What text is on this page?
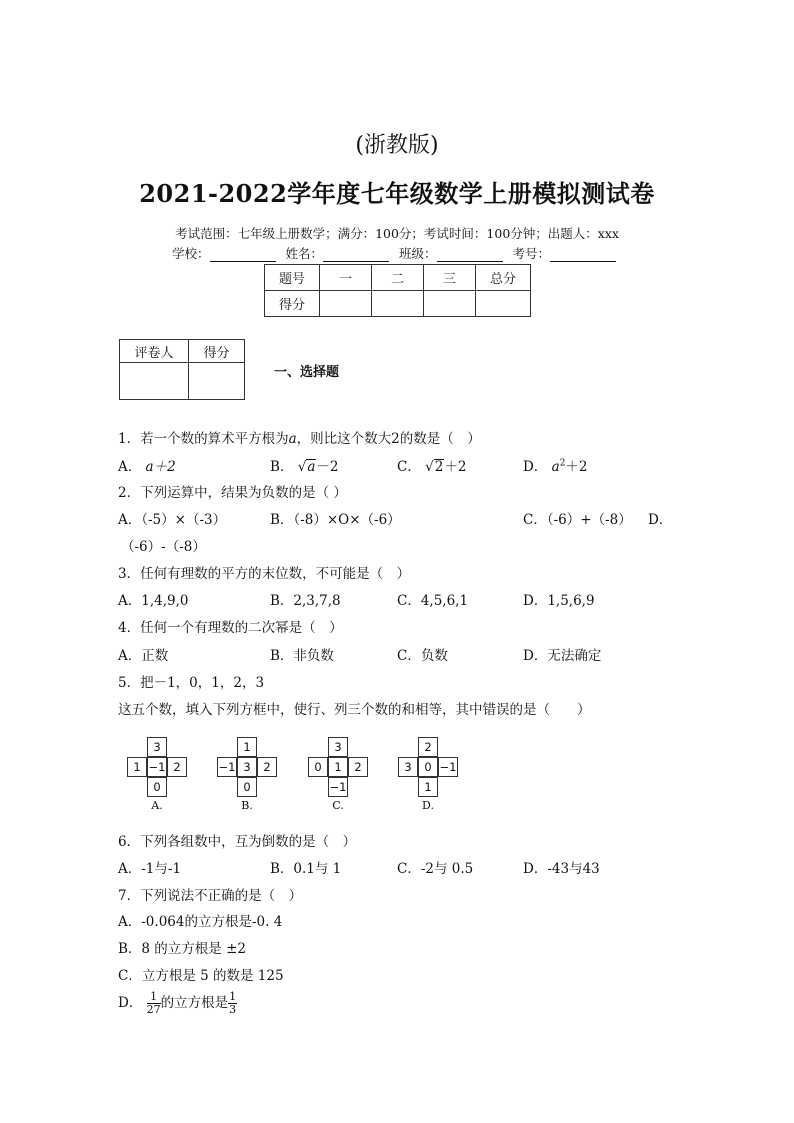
(浙教版)
2021-2022学年度七年级数学上册模拟测试卷
考试范围：七年级上册数学；满分：100分；考试时间：100分钟；出题人：xxx
学校：	姓名：	班级：	考号：
题号	一	二	三	总分
得分				
评卷人	得分

一、选择题
1．若一个数的算术平方根为a，则比这个数大2的数是（　）
A． a＋2	B． √a－2	C． √2＋2	D． $a^2+2$
2．下列运算中，结果为负数的是（ ）
A．（-5）×（-3）	B．（-8）×O×（-6）	C．（-6）+（-8） D．
（-6）-（-8）
3．任何有理数的平方的末位数，不可能是（　）
A．1,4,9,0	B．2,3,7,8	C．4,5,6,1	D．1,5,6,9
4．任何一个有理数的二次幂是（　）
A．正数	B．非负数	C．负数	D．无法确定
5．把－1，0，1，2，3
这五个数，填入下列方框中，使行、列三个数的和相等，其中错误的是（　　）
3
1 −1 2
0
A.
1
−1 3	2
0
B.
3
0	1	2
−1
C.
2
3	0 −1
1
D.
6．下列各组数中，互为倒数的是（　）
A．-1与-1	B．0.1与 1	C．-2与 0.5	D．-43与43
7．下列说法不正确的是（　）
A．-0.064的立方根是-0. 4
B．8 的立方根是 ±2
C．立方根是 5 的数是 125
D． $\frac{1}{27}$ 的立方根是 $\frac{1}{3}$
